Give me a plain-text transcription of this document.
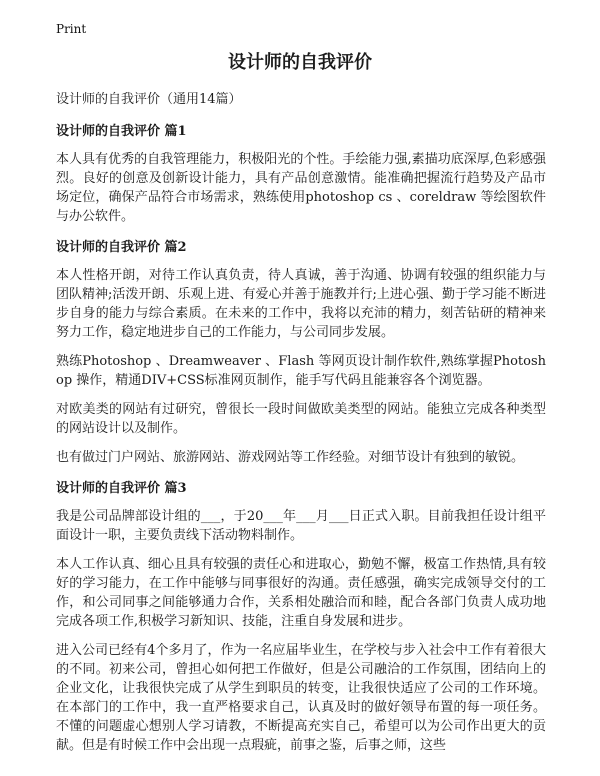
Print
设计师的自我评价

设计师的自我评价（通用14篇）

设计师的自我评价 篇1

本人具有优秀的自我管理能力，积极阳光的个性。手绘能力强,素描功底深厚,色彩感强烈。良好的创意及创新设计能力，具有产品创意激情。能准确把握流行趋势及产品市场定位，确保产品符合市场需求，熟练使用photoshop cs 、coreldraw 等绘图软件与办公软件。

设计师的自我评价 篇2

本人性格开朗，对待工作认真负责，待人真诚，善于沟通、协调有较强的组织能力与团队精神;活泼开朗、乐观上进、有爱心并善于施教并行;上进心强、勤于学习能不断进步自身的能力与综合素质。在未来的工作中，我将以充沛的精力，刻苦钻研的精神来努力工作，稳定地进步自己的工作能力，与公司同步发展。

熟练Photoshop 、Dreamweaver 、Flash 等网页设计制作软件,熟练掌握Photoshop 操作，精通DIV+CSS标准网页制作，能手写代码且能兼容各个浏览器。

对欧美类的网站有过研究，曾很长一段时间做欧美类型的网站。能独立完成各种类型的网站设计以及制作。

也有做过门户网站、旅游网站、游戏网站等工作经验。对细节设计有独到的敏锐。

设计师的自我评价 篇3

我是公司品牌部设计组的___，于20___年___月___日正式入职。目前我担任设计组平面设计一职，主要负责线下活动物料制作。

本人工作认真、细心且具有较强的责任心和进取心，勤勉不懈，极富工作热情,具有较好的学习能力，在工作中能够与同事很好的沟通。责任感强，确实完成领导交付的工作，和公司同事之间能够通力合作，关系相处融洽而和睦，配合各部门负责人成功地完成各项工作,积极学习新知识、技能，注重自身发展和进步。

进入公司已经有4个多月了，作为一名应届毕业生，在学校与步入社会中工作有着很大的不同。初来公司，曾担心如何把工作做好，但是公司融洽的工作氛围，团结向上的企业文化，让我很快完成了从学生到职员的转变，让我很快适应了公司的工作环境。在本部门的工作中，我一直严格要求自己，认真及时的做好领导布置的每一项任务。不懂的问题虚心想别人学习请教，不断提高充实自己，希望可以为公司作出更大的贡献。但是有时候工作中会出现一点瑕疵，前事之鉴，后事之师，这些
